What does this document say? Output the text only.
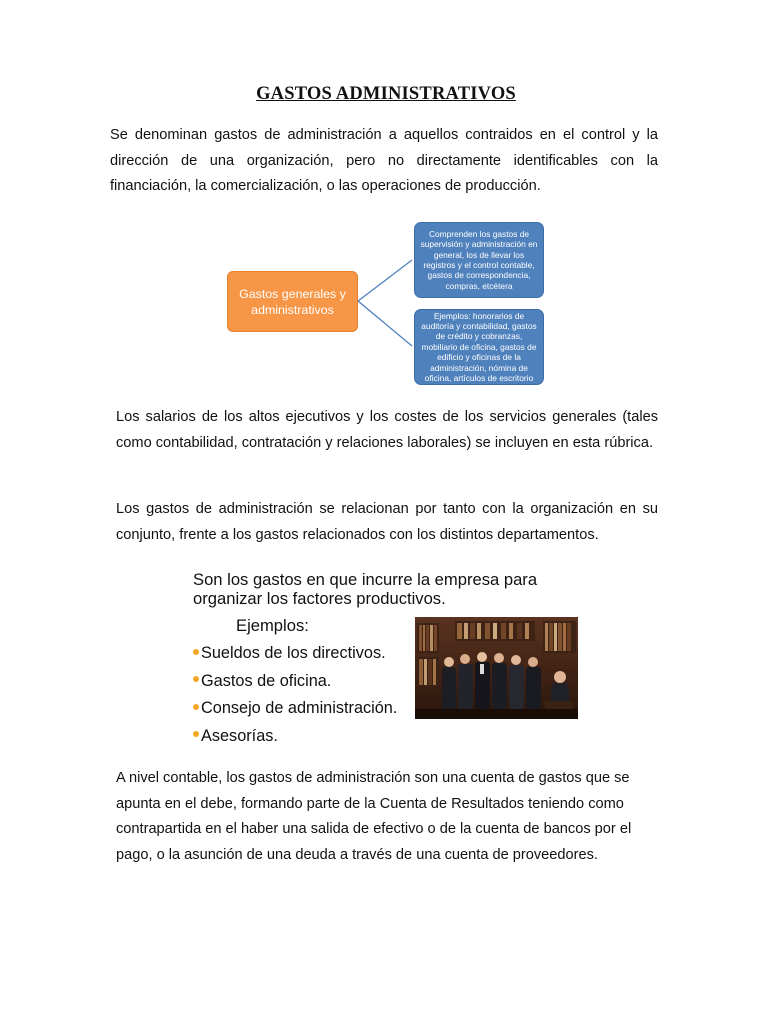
GASTOS ADMINISTRATIVOS

Se denominan gastos de administración a aquellos contraidos en el control y la dirección de una organización, pero no directamente identificables con la financiación, la comercialización, o las operaciones de producción.

Gastos generales y administrativos
Comprenden los gastos de supervisión y administración en general, los de llevar los registros y el control contable, gastos de correspondencia, compras, etcétera
Ejemplos: honorarios de auditoría y contabilidad, gastos de crédito y cobranzas, mobiliario de oficina, gastos de edificio y oficinas de la administración, nómina de oficina, artículos de escritorio

Los salarios de los altos ejecutivos y los costes de los servicios generales (tales como contabilidad, contratación y relaciones laborales) se incluyen en esta rúbrica.

Los gastos de administración se relacionan por tanto con la organización en su conjunto, frente a los gastos relacionados con los distintos departamentos.

Son los gastos en que incurre la empresa para
organizar los factores productivos.
Ejemplos:
Sueldos de los directivos.
Gastos de oficina.
Consejo de administración.
Asesorías.

A nivel contable, los gastos de administración son una cuenta de gastos que se apunta en el debe, formando parte de la Cuenta de Resultados teniendo como contrapartida en el haber una salida de efectivo o de la cuenta de bancos por el pago, o la asunción de una deuda a través de una cuenta de proveedores.
